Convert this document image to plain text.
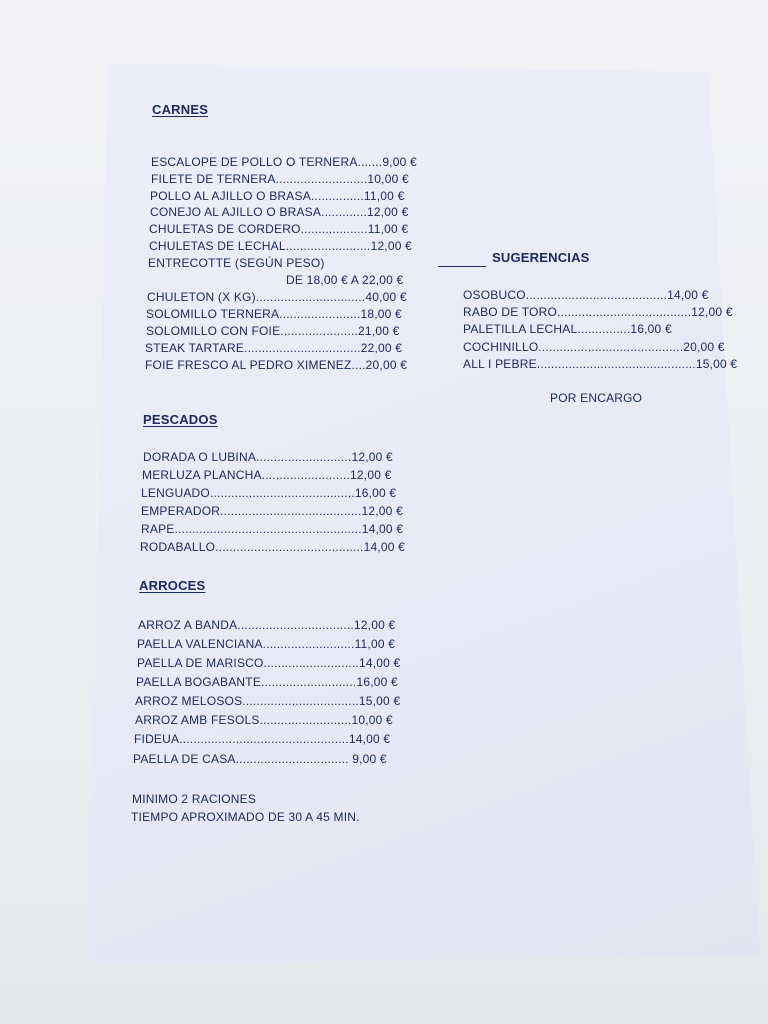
CARNES
ESCALOPE DE POLLO O TERNERA.......9,00 €
FILETE DE TERNERA..........................10,00 €
POLLO AL AJILLO O BRASA...............11,00 €
CONEJO AL AJILLO O BRASA.............12,00 €
CHULETAS DE CORDERO...................11,00 €
CHULETAS DE LECHAL........................12,00 €
ENTRECOTTE (SEGÚN PESO)
DE 18,00 € A 22,00 €
CHULETON (X KG)...............................40,00 €
SOLOMILLO TERNERA.......................18,00 €
SOLOMILLO CON FOIE......................21,00 €
STEAK TARTARE.................................22,00 €
FOIE FRESCO AL PEDRO XIMENEZ....20,00 €
SUGERENCIAS
OSOBUCO........................................14,00 €
RABO DE TORO......................................12,00 €
PALETILLA LECHAL...............16,00 €
COCHINILLO.........................................20,00 €
ALL I PEBRE.............................................15,00 €
POR ENCARGO
PESCADOS
DORADA O LUBINA...........................12,00 €
MERLUZA PLANCHA.........................12,00 €
LENGUADO.........................................16,00 €
EMPERADOR........................................12,00 €
RAPE.....................................................14,00 €
RODABALLO..........................................14,00 €
ARROCES
ARROZ A BANDA.................................12,00 €
PAELLA VALENCIANA..........................11,00 €
PAELLA DE MARISCO...........................14,00 €
PAELLA BOGABANTE...........................16,00 €
ARROZ MELOSOS.................................15,00 €
ARROZ AMB FESOLS..........................10,00 €
FIDEUA................................................14,00 €
PAELLA DE CASA................................ 9,00 €
MINIMO 2 RACIONES
TIEMPO APROXIMADO DE 30 A 45 MIN.
